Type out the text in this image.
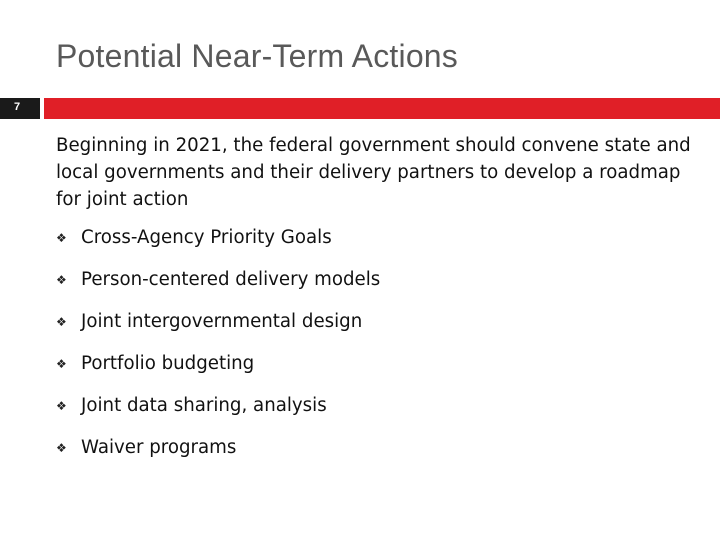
Potential Near-Term Actions
7

Beginning in 2021, the federal government should convene state and local governments and their delivery partners to develop a roadmap for joint action

❖ Cross-Agency Priority Goals
❖ Person-centered delivery models
❖ Joint intergovernmental design
❖ Portfolio budgeting
❖ Joint data sharing, analysis
❖ Waiver programs
